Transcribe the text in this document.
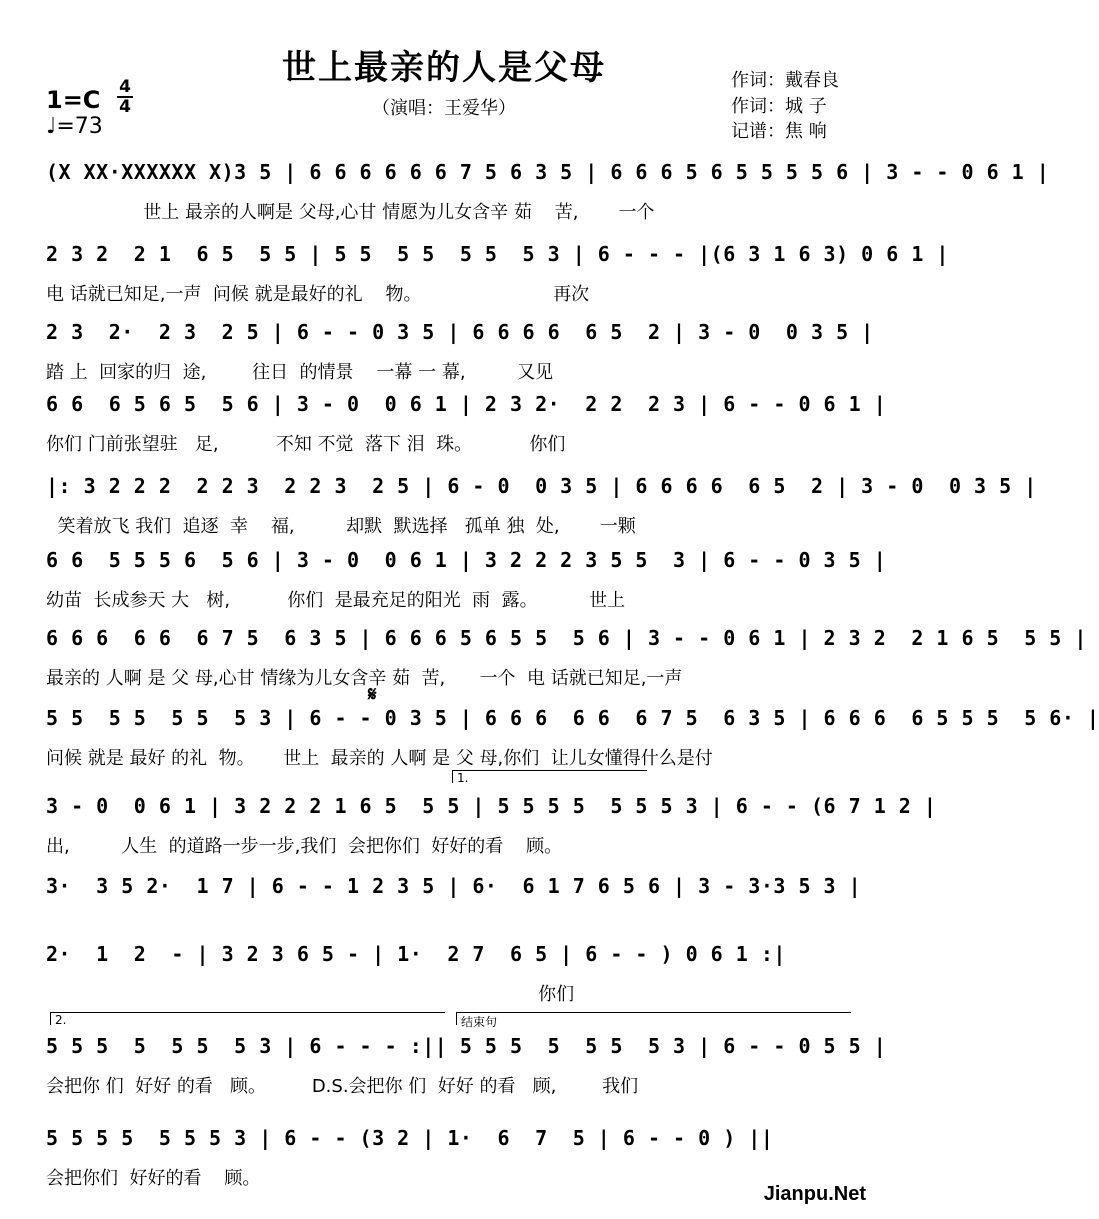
世上最亲的人是父母
（演唱：王爱华）
1=C 4
4
♩=73
作词：戴春良
作词：城 子
记谱：焦 响
(X XX·XXXXXX X)3 5 | 6 6 6 6 6 6 7 5 6 3 5 | 6 6 6 5 6 5 5 5 5 6 | 3 - - 0 6 1 |
世上 最亲的人啊是 父母,心甘 情愿为儿女含辛 茹    苦,       一个
2 3 2  2 1  6 5  5 5 | 5 5  5 5  5 5  5 3 | 6 - - - |(6 3 1 6 3) 0 6 1 |
电 话就已知足,一声  问候 就是最好的礼    物。                       再次
2 3  2·  2 3  2 5 | 6 - - 0 3 5 | 6 6 6 6  6 5  2 | 3 - 0  0 3 5 |
踏 上  回家的归  途,        往日  的情景    一幕 一 幕,         又见
6 6  6 5 6 5  5 6 | 3 - 0  0 6 1 | 2 3 2·  2 2  2 3 | 6 - - 0 6 1 |
你们 门前张望驻   足,          不知 不觉  落下 泪  珠。          你们
|: 3 2 2 2  2 2 3  2 2 3  2 5 | 6 - 0  0 3 5 | 6 6 6 6  6 5  2 | 3 - 0  0 3 5 |
笑着放飞 我们  追逐  幸    福,         却默  默选择   孤单 独  处,       一颗
6 6  5 5 5 6  5 6 | 3 - 0  0 6 1 | 3 2 2 2 3 5 5  3 | 6 - - 0 3 5 |
幼苗  长成参天 大   树,          你们  是最充足的阳光  雨  露。         世上
6 6 6  6 6  6 7 5  6 3 5 | 6 6 6 5 6 5 5  5 6 | 3 - - 0 6 1 | 2 3 2  2 1 6 5  5 5 |
最亲的 人啊 是 父 母,心甘 情缘为儿女含辛 茹  苦,      一个  电 话就已知足,一声
𝄋
5 5  5 5  5 5  5 3 | 6 - - 0 3 5 | 6 6 6  6 6  6 7 5  6 3 5 | 6 6 6  6 5 5 5  5 6· |
问候 就是 最好 的礼  物。     世上  最亲的 人啊 是 父 母,你们  让儿女懂得什么是付
1.
3 - 0  0 6 1 | 3 2 2 2 1 6 5  5 5 | 5 5 5 5  5 5 5 3 | 6 - - (6 7 1 2 |
出,         人生  的道路一步一步,我们  会把你们  好好的看    顾。
3·  3 5 2·  1 7 | 6 - - 1 2 3 5 | 6·  6 1 7 6 5 6 | 3 - 3·3 5 3 |
2·  1  2  - | 3 2 3 6 5 - | 1·  2 7  6 5 | 6 - - ) 0 6 1 :|
你们
2.	结束句
5 5 5  5  5 5  5 3 | 6 - - - :|| 5 5 5  5  5 5  5 3 | 6 - - 0 5 5 |
会把你 们  好好 的看   顾。        D.S.会把你 们  好好 的看   顾,        我们
5 5 5 5  5 5 5 3 | 6 - - (3 2 | 1·  6  7  5 | 6 - - 0 ) ||
会把你们  好好的看    顾。
Jianpu.Net
